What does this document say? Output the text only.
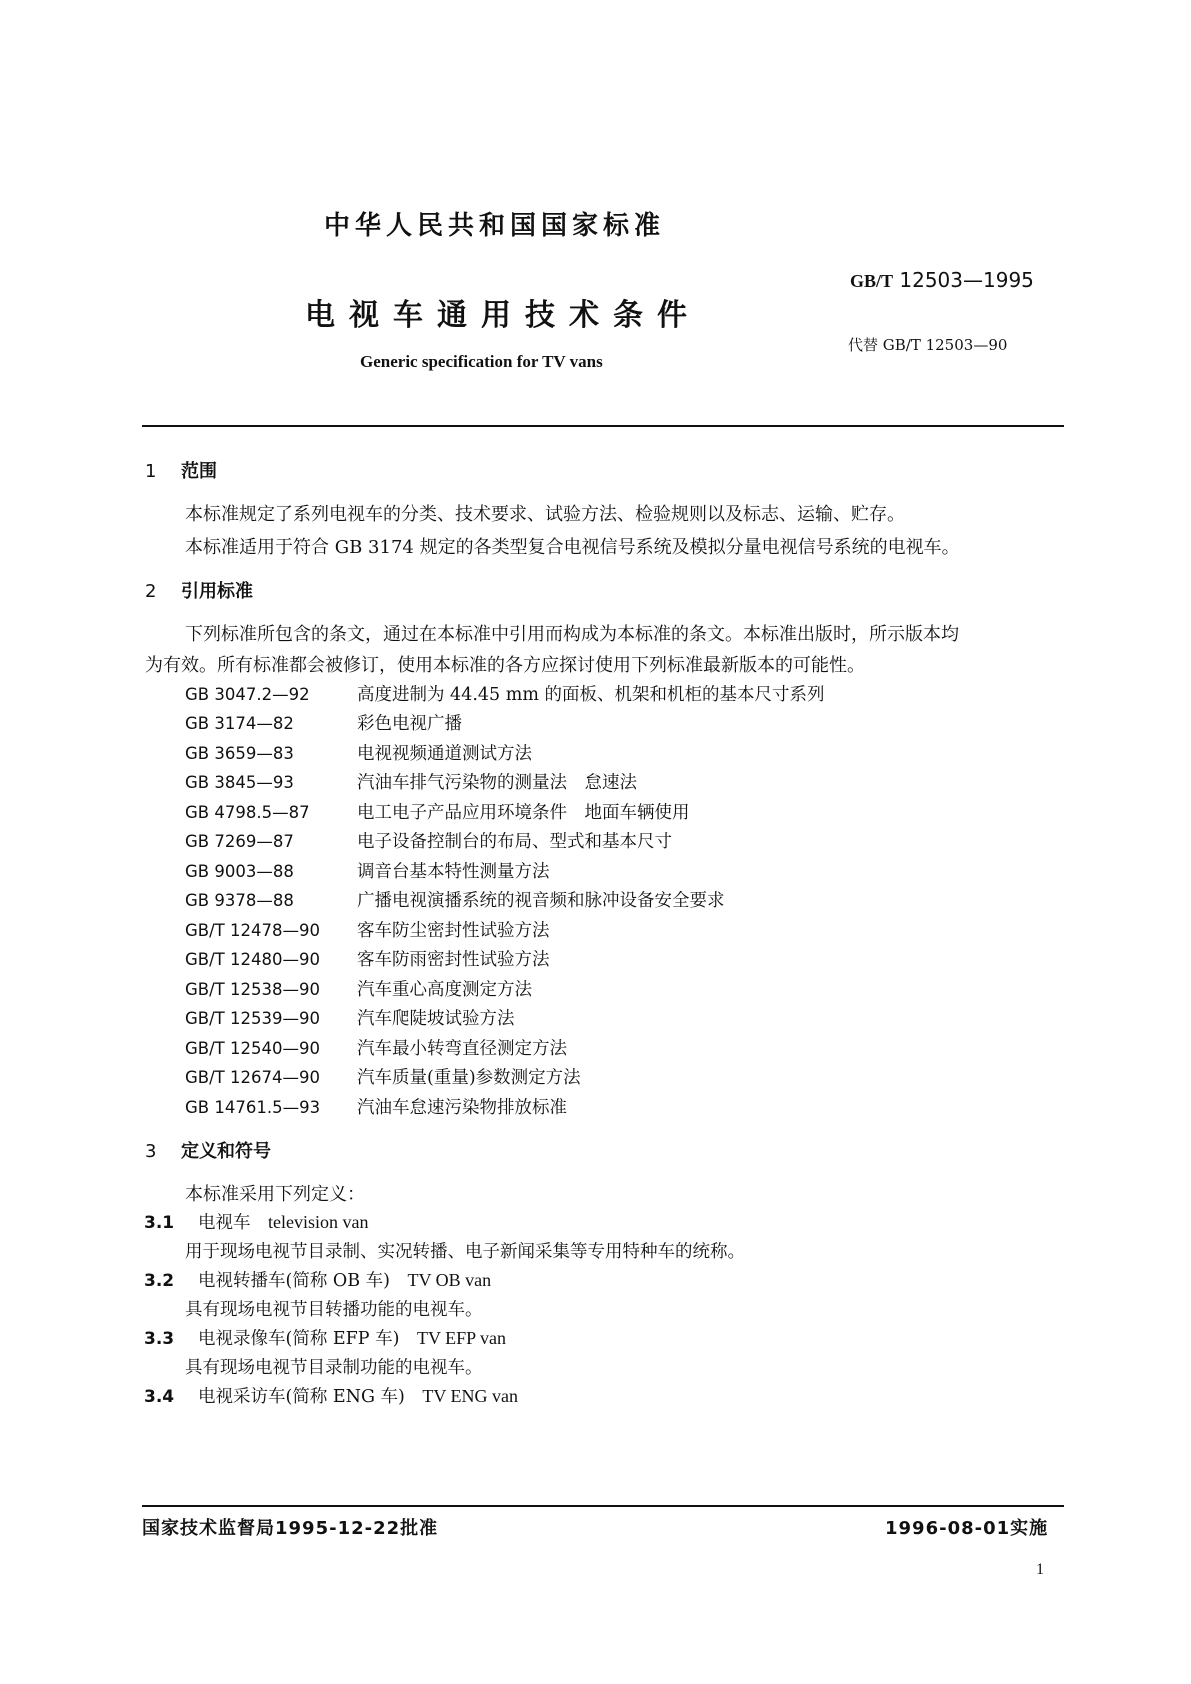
中华人民共和国国家标准
GB/T 12503—1995
电视车通用技术条件
代替 GB/T 12503—90
Generic specification for TV vans
1 范围
本标准规定了系列电视车的分类、技术要求、试验方法、检验规则以及标志、运输、贮存。
本标准适用于符合 GB 3174 规定的各类型复合电视信号系统及模拟分量电视信号系统的电视车。
2 引用标准
下列标准所包含的条文，通过在本标准中引用而构成为本标准的条文。本标准出版时，所示版本均
为有效。所有标准都会被修订，使用本标准的各方应探讨使用下列标准最新版本的可能性。
GB 3047.2—92	高度进制为 44.45 mm 的面板、机架和机柜的基本尺寸系列
GB 3174—82	彩色电视广播
GB 3659—83	电视视频通道测试方法
GB 3845—93	汽油车排气污染物的测量法　怠速法
GB 4798.5—87	电工电子产品应用环境条件　地面车辆使用
GB 7269—87	电子设备控制台的布局、型式和基本尺寸
GB 9003—88	调音台基本特性测量方法
GB 9378—88	广播电视演播系统的视音频和脉冲设备安全要求
GB/T 12478—90 客车防尘密封性试验方法
GB/T 12480—90 客车防雨密封性试验方法
GB/T 12538—90 汽车重心高度测定方法
GB/T 12539—90 汽车爬陡坡试验方法
GB/T 12540—90 汽车最小转弯直径测定方法
GB/T 12674—90 汽车质量(重量)参数测定方法
GB 14761.5—93 汽油车怠速污染物排放标准
3 定义和符号
本标准采用下列定义：
3.1 电视车　 television van
用于现场电视节目录制、实况转播、电子新闻采集等专用特种车的统称。
3.2 电视转播车(简称 OB 车)　 TV OB van
具有现场电视节目转播功能的电视车。
3.3 电视录像车(简称 EFP 车)　 TV EFP van
具有现场电视节目录制功能的电视车。
3.4 电视采访车(简称 ENG 车)　 TV ENG van
国家技术监督局1995-12-22批准	1996-08-01实施
1
